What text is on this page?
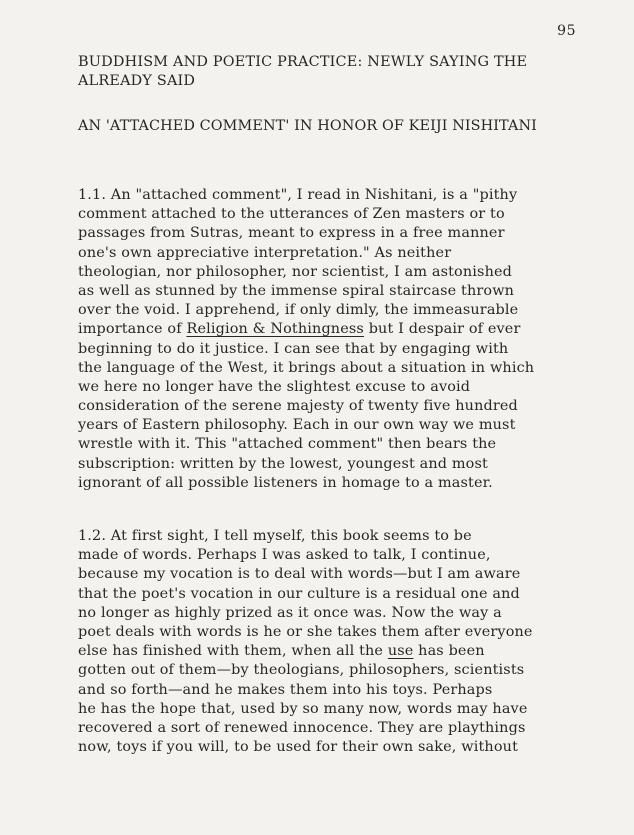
95
BUDDHISM AND POETIC PRACTICE: NEWLY SAYING THE ALREADY SAID
AN 'ATTACHED COMMENT' IN HONOR OF KEIJI NISHITANI
1.1. An "attached comment", I read in Nishitani, is a "pithy
comment attached to the utterances of Zen masters or to
passages from Sutras, meant to express in a free manner
one's own appreciative interpretation." As neither
theologian, nor philosopher, nor scientist, I am astonished
as well as stunned by the immense spiral staircase thrown
over the void. I apprehend, if only dimly, the immeasurable
importance of Religion & Nothingness but I despair of ever
beginning to do it justice. I can see that by engaging with
the language of the West, it brings about a situation in which
we here no longer have the slightest excuse to avoid
consideration of the serene majesty of twenty five hundred
years of Eastern philosophy. Each in our own way we must
wrestle with it. This "attached comment" then bears the
subscription: written by the lowest, youngest and most
ignorant of all possible listeners in homage to a master.
1.2. At first sight, I tell myself, this book seems to be
made of words. Perhaps I was asked to talk, I continue,
because my vocation is to deal with words—but I am aware
that the poet's vocation in our culture is a residual one and
no longer as highly prized as it once was. Now the way a
poet deals with words is he or she takes them after everyone
else has finished with them, when all the use has been
gotten out of them—by theologians, philosophers, scientists
and so forth—and he makes them into his toys. Perhaps
he has the hope that, used by so many now, words may have
recovered a sort of renewed innocence. They are playthings
now, toys if you will, to be used for their own sake, without
